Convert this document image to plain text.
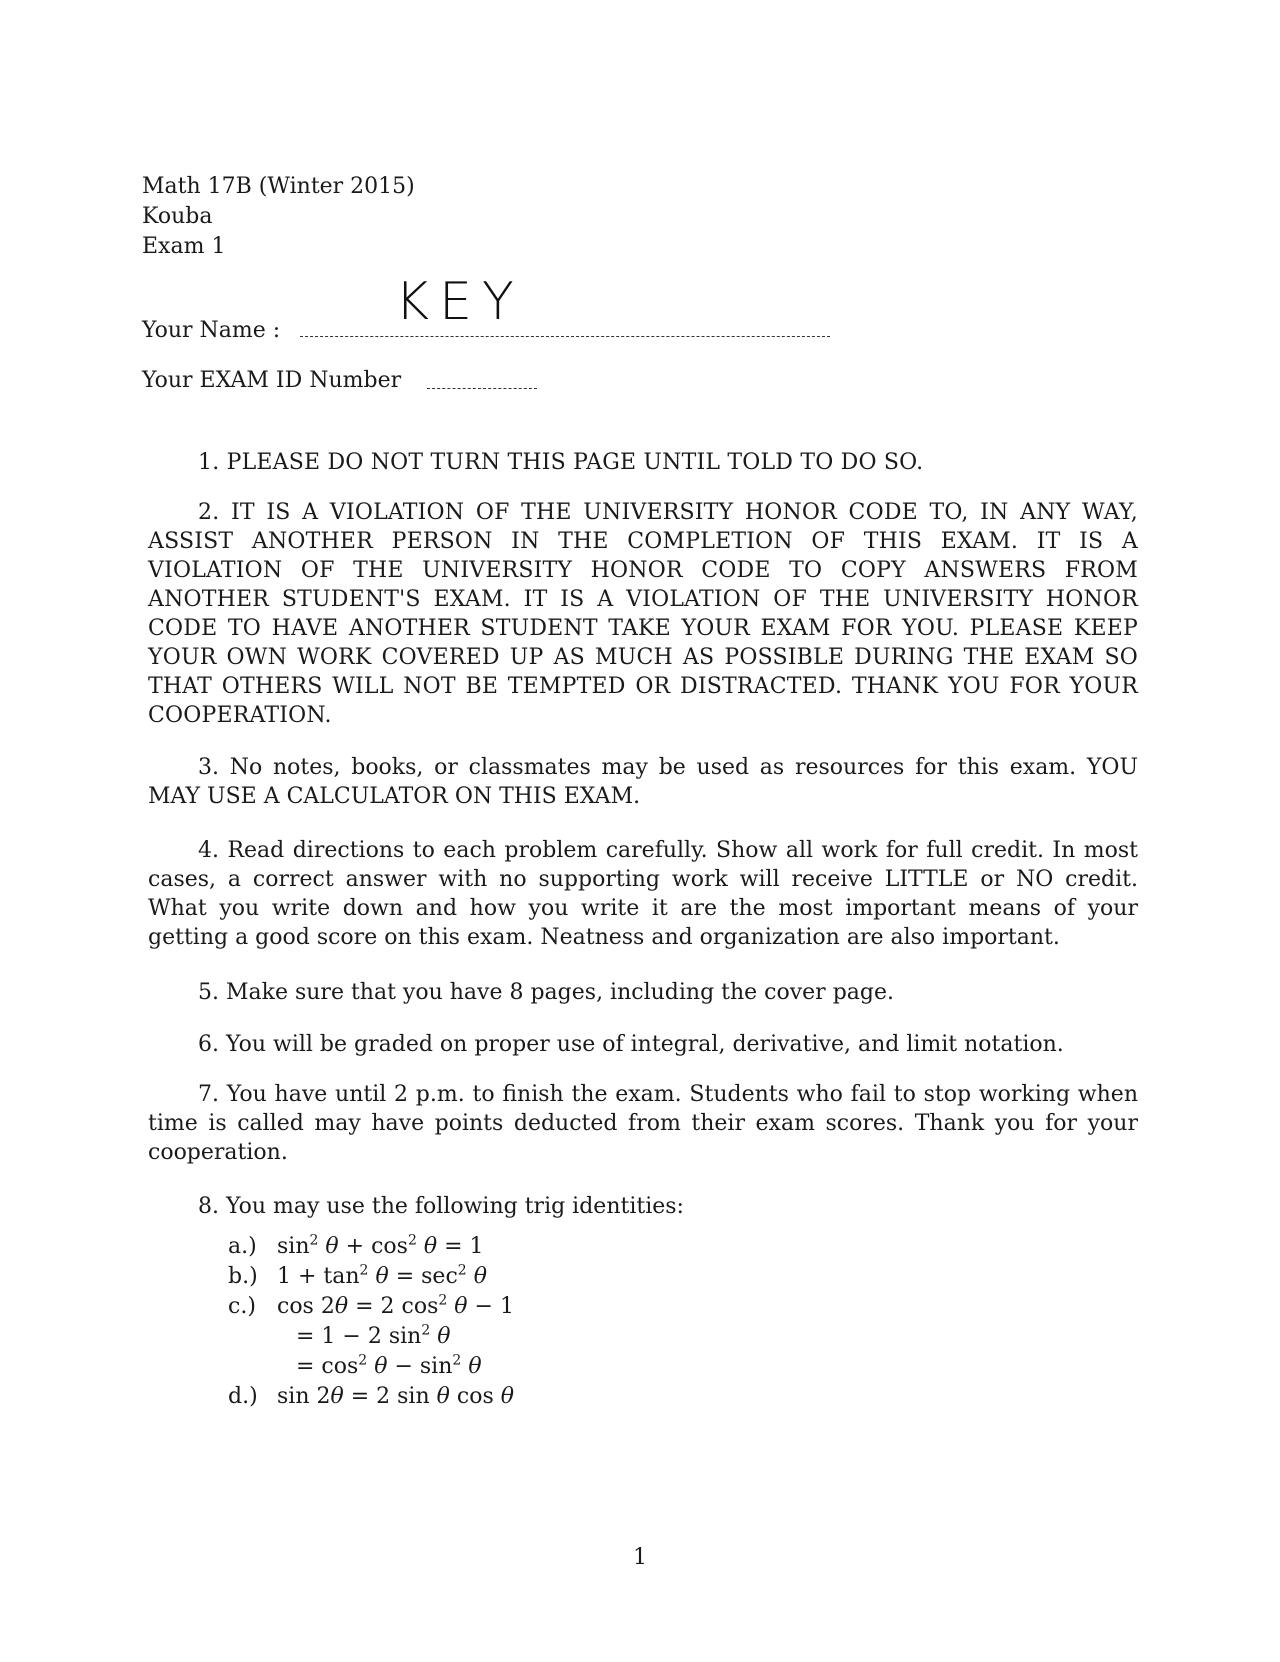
Math 17B (Winter 2015)
Kouba
Exam 1
Your Name : KEY
Your EXAM ID Number

1. PLEASE DO NOT TURN THIS PAGE UNTIL TOLD TO DO SO.

2. IT IS A VIOLATION OF THE UNIVERSITY HONOR CODE TO, IN ANY WAY, ASSIST ANOTHER PERSON IN THE COMPLETION OF THIS EXAM. IT IS A VIOLATION OF THE UNIVERSITY HONOR CODE TO COPY ANSWERS FROM ANOTHER STUDENT'S EXAM. IT IS A VIOLATION OF THE UNIVERSITY HONOR CODE TO HAVE ANOTHER STUDENT TAKE YOUR EXAM FOR YOU. PLEASE KEEP YOUR OWN WORK COVERED UP AS MUCH AS POSSIBLE DURING THE EXAM SO THAT OTHERS WILL NOT BE TEMPTED OR DISTRACTED. THANK YOU FOR YOUR COOPERATION.

3. No notes, books, or classmates may be used as resources for this exam. YOU MAY USE A CALCULATOR ON THIS EXAM.

4. Read directions to each problem carefully. Show all work for full credit. In most cases, a correct answer with no supporting work will receive LITTLE or NO credit. What you write down and how you write it are the most important means of your getting a good score on this exam. Neatness and organization are also important.

5. Make sure that you have 8 pages, including the cover page.

6. You will be graded on proper use of integral, derivative, and limit notation.

7. You have until 2 p.m. to finish the exam. Students who fail to stop working when time is called may have points deducted from their exam scores. Thank you for your cooperation.

8. You may use the following trig identities:

a.) $\sin^2 \theta + \cos^2 \theta = 1$
b.) $1 + \tan^2 \theta = \sec^2 \theta$
c.) cos 2θ = 2 $\cos^2 \theta - 1$
= 1 − 2 $\sin^2 \theta$
= $\cos^2 \theta - \sin^2 \theta$
d.) sin 2θ = 2 sin θ cos θ
1
